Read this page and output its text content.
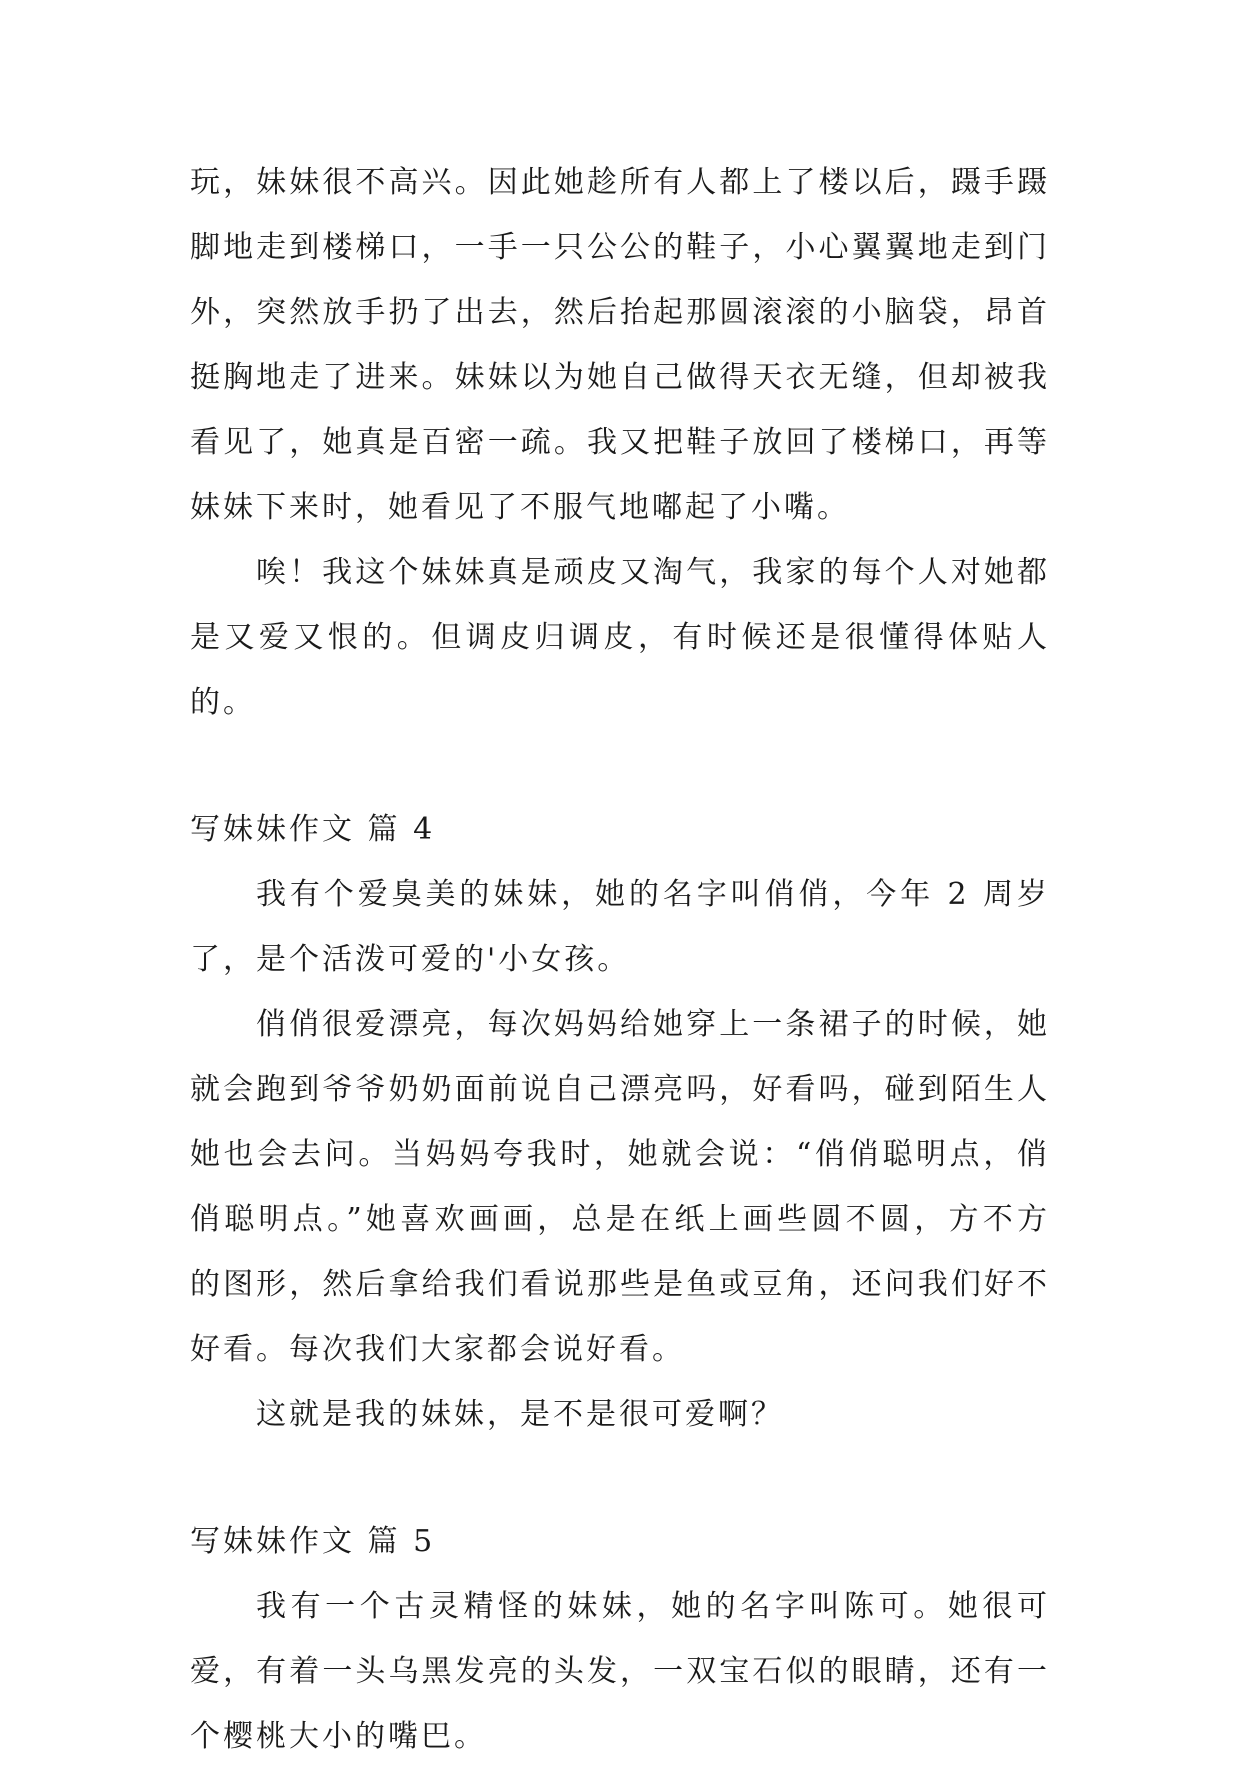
玩，妹妹很不高兴。因此她趁所有人都上了楼以后，蹑手蹑脚地走到楼梯口，一手一只公公的鞋子，小心翼翼地走到门外，突然放手扔了出去，然后抬起那圆滚滚的小脑袋，昂首挺胸地走了进来。妹妹以为她自己做得天衣无缝，但却被我看见了，她真是百密一疏。我又把鞋子放回了楼梯口，再等妹妹下来时，她看见了不服气地嘟起了小嘴。

唉！我这个妹妹真是顽皮又淘气，我家的每个人对她都是又爱又恨的。但调皮归调皮，有时候还是很懂得体贴人的。

写妹妹作文 篇 4

我有个爱臭美的妹妹，她的名字叫俏俏，今年 2 周岁了，是个活泼可爱的'小女孩。

俏俏很爱漂亮，每次妈妈给她穿上一条裙子的时候，她就会跑到爷爷奶奶面前说自己漂亮吗，好看吗，碰到陌生人她也会去问。当妈妈夸我时，她就会说：“俏俏聪明点，俏俏聪明点。”她喜欢画画，总是在纸上画些圆不圆，方不方的图形，然后拿给我们看说那些是鱼或豆角，还问我们好不好看。每次我们大家都会说好看。

这就是我的妹妹，是不是很可爱啊？

写妹妹作文 篇 5

我有一个古灵精怪的妹妹，她的名字叫陈可。她很可爱，有着一头乌黑发亮的头发，一双宝石似的眼睛，还有一个樱桃大小的嘴巴。
